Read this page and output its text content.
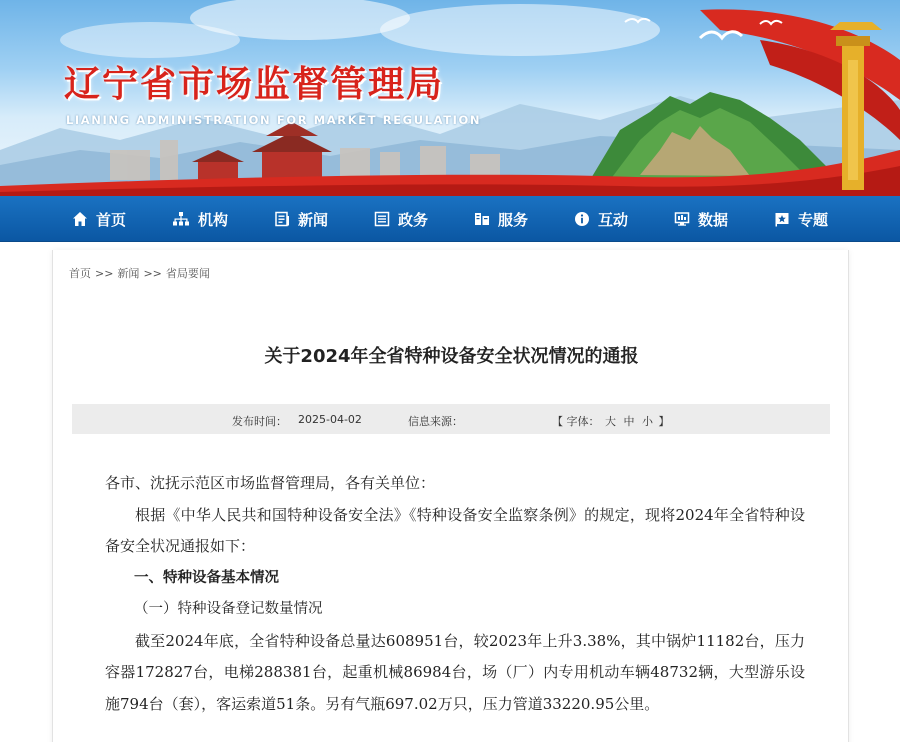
辽宁省市场监督管理局
LIANING ADMINISTRATION FOR MARKET REGULATION
首页	机构	新闻	政务	服务	互动	数据	专题
首页 >> 新闻 >> 省局要闻
关于2024年全省特种设备安全状况情况的通报
发布时间： 2025-04-02	信息来源：	【 字体： 大 中 小 】

各市、沈抚示范区市场监督管理局，各有关单位：

根据《中华人民共和国特种设备安全法》《特种设备安全监察条例》的规定，现将2024年全省特种设备安全状况通报如下：

一、特种设备基本情况

（一）特种设备登记数量情况

截至2024年底，全省特种设备总量达608951台，较2023年上升3.38%，其中锅炉11182台，压力容器172827台，电梯288381台，起重机械86984台，场（厂）内专用机动车辆48732辆，大型游乐设施794台（套），客运索道51条。另有气瓶697.02万只，压力管道33220.95公里。
